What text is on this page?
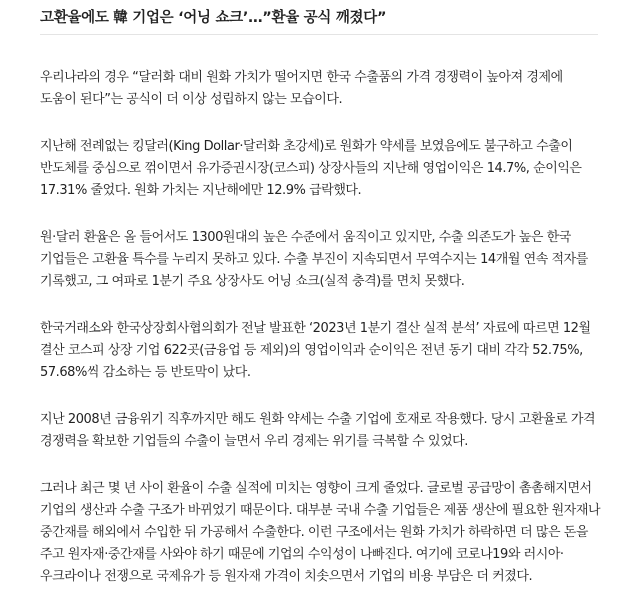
고환율에도 韓 기업은 ‘어닝 쇼크’…”환율 공식 깨졌다”

우리나라의 경우 “달러화 대비 원화 가치가 떨어지면 한국 수출품의 가격 경쟁력이 높아져 경제에 도움이 된다”는 공식이 더 이상 성립하지 않는 모습이다.

지난해 전례없는 킹달러(King Dollar·달러화 초강세)로 원화가 약세를 보였음에도 불구하고 수출이 반도체를 중심으로 꺾이면서 유가증권시장(코스피) 상장사들의 지난해 영업이익은 14.7%, 순이익은 17.31% 줄었다. 원화 가치는 지난해에만 12.9% 급락했다.

원·달러 환율은 올 들어서도 1300원대의 높은 수준에서 움직이고 있지만, 수출 의존도가 높은 한국 기업들은 고환율 특수를 누리지 못하고 있다. 수출 부진이 지속되면서 무역수지는 14개월 연속 적자를 기록했고, 그 여파로 1분기 주요 상장사도 어닝 쇼크(실적 충격)를 면치 못했다.

한국거래소와 한국상장회사협의회가 전날 발표한 ‘2023년 1분기 결산 실적 분석’ 자료에 따르면 12월 결산 코스피 상장 기업 622곳(금융업 등 제외)의 영업이익과 순이익은 전년 동기 대비 각각 52.75%, 57.68%씩 감소하는 등 반토막이 났다.

지난 2008년 금융위기 직후까지만 해도 원화 약세는 수출 기업에 호재로 작용했다. 당시 고환율로 가격 경쟁력을 확보한 기업들의 수출이 늘면서 우리 경제는 위기를 극복할 수 있었다.

그러나 최근 몇 년 사이 환율이 수출 실적에 미치는 영향이 크게 줄었다. 글로벌 공급망이 촘촘해지면서 기업의 생산과 수출 구조가 바뀌었기 때문이다. 대부분 국내 수출 기업들은 제품 생산에 필요한 원자재나 중간재를 해외에서 수입한 뒤 가공해서 수출한다. 이런 구조에서는 원화 가치가 하락하면 더 많은 돈을 주고 원자재·중간재를 사와야 하기 때문에 기업의 수익성이 나빠진다. 여기에 코로나19와 러시아·우크라이나 전쟁으로 국제유가 등 원자재 가격이 치솟으면서 기업의 비용 부담은 더 커졌다.
